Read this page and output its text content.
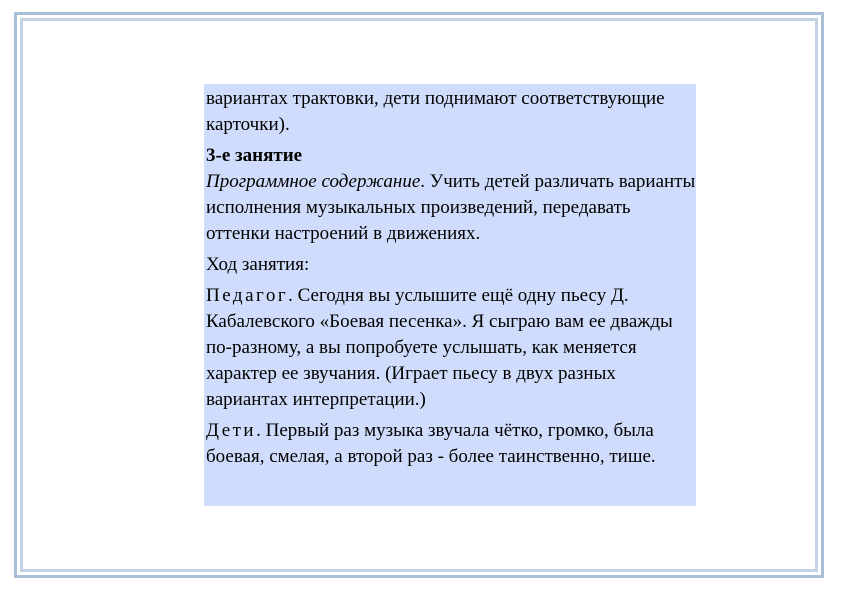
вариантах трактовки, дети поднимают соответствующие карточки).

3-е занятие

Программное содержание. Учить детей различать варианты исполнения музыкальных произведений, передавать оттенки настроений в движениях.

Ход занятия:

Педагог. Сегодня вы услышите ещё одну пьесу Д. Кабалевского «Боевая песенка». Я сыграю вам ее дважды по-разному, а вы попробуете услышать, как меняется характер ее звучания. (Играет пьесу в двух разных вариантах интерпретации.)

Дети. Первый раз музыка звучала чётко, громко, была боевая, смелая, а второй раз - более таинственно, тише.
